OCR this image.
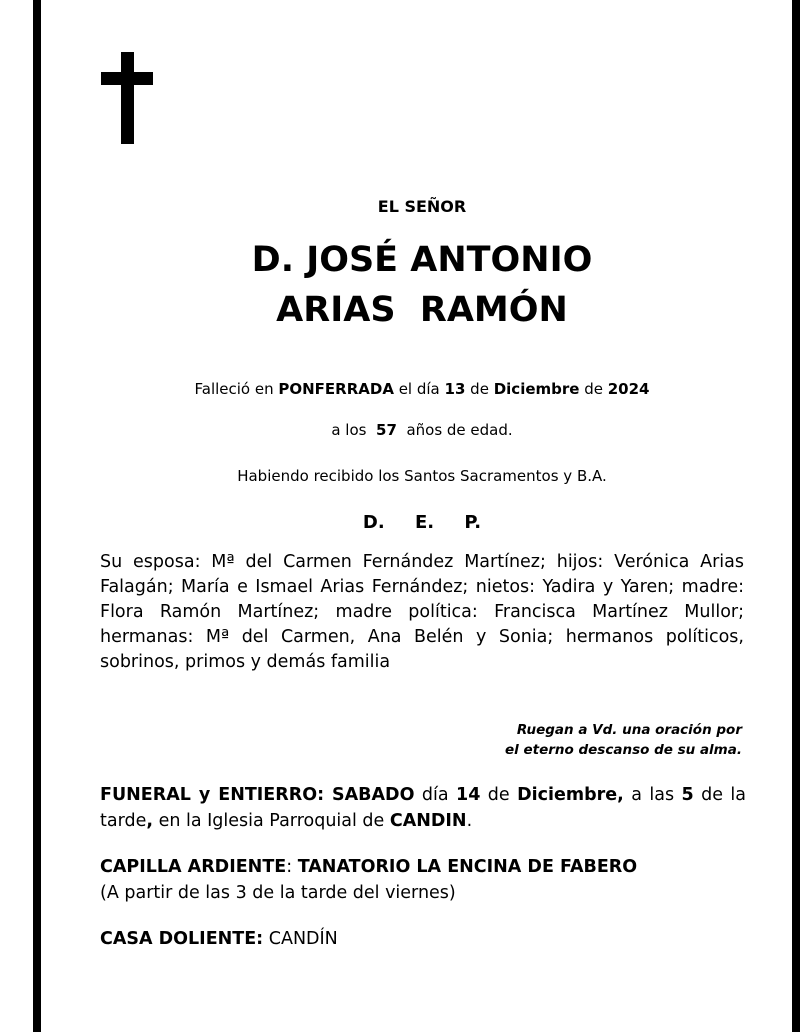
EL SEÑOR
D. JOSÉ ANTONIO
ARIAS  RAMÓN
Falleció en PONFERRADA el día 13 de Diciembre de 2024
a los  57  años de edad.
Habiendo recibido los Santos Sacramentos y B.A.
D. E. P.
Su esposa: Mª del Carmen Fernández Martínez; hijos: Verónica Arias Falagán; María e Ismael Arias Fernández; nietos: Yadira y Yaren; madre: Flora Ramón Martínez; madre política: Francisca Martínez Mullor; hermanas: Mª del Carmen, Ana Belén y Sonia; hermanos políticos, sobrinos, primos y demás familia
Ruegan a Vd. una oración por
el eterno descanso de su alma.
FUNERAL y ENTIERRO: SABADO día 14 de Diciembre, a las 5 de la tarde, en la Iglesia Parroquial de CANDIN.
CAPILLA ARDIENTE: TANATORIO LA ENCINA DE FABERO
(A partir de las 3 de la tarde del viernes)
CASA DOLIENTE: CANDÍN
